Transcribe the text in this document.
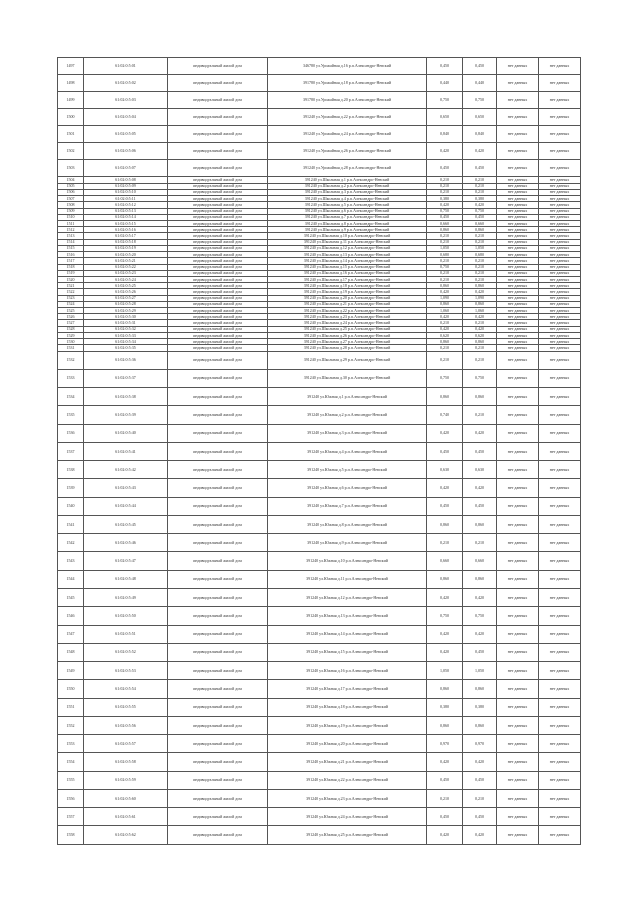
1497	61:02:0:5:01	индивидуальный жилой дом	346780 ул.Урожайная д.16 р.п.Александро-Невский	0,450	0,450	нет данных	нет данных
1498	61:02:0:5:02	индивидуальный жилой дом	391780 ул.Урожайная д.18 р.п.Александро-Невский	0,440	0,440	нет данных	нет данных
1499	61:02:0:5:03	индивидуальный жилой дом	391780 ул.Урожайная д.20 р.п.Александро-Невский	0,750	0,750	нет данных	нет данных
1500	61:02:0:5:04	индивидуальный жилой дом	391240 ул.Урожайная д.22 р.п.Александро-Невский	0,650	0,650	нет данных	нет данных
1501	61:02:0:5:05	индивидуальный жилой дом	391240 ул.Урожайная д.24 р.п.Александро-Невский	0,840	0,840	нет данных	нет данных
1502	61:02:0:5:06	индивидуальный жилой дом	391240 ул.Урожайная д.26 р.п.Александро-Невский	0,420	0,420	нет данных	нет данных
1503	61:02:0:5:07	индивидуальный жилой дом	391240 ул.Урожайная д.28 р.п.Александро-Невский	0,450	0,450	нет данных	нет данных
1504	61:02:0:5:08	индивидуальный жилой дом	391240 ул.Школьная д.1 р.п.Александро-Невский	0,210	0,210	нет данных	нет данных
1505	61:02:0:5:09	индивидуальный жилой дом	391240 ул.Школьная д.2 р.п.Александро-Невский	0,210	0,210	нет данных	нет данных
1506	61:02:0:5:10	индивидуальный жилой дом	391240 ул.Школьная д.3 р.п.Александро-Невский	0,210	0,210	нет данных	нет данных
1507	61:02:0:5:11	индивидуальный жилой дом	391240 ул.Школьная д.4 р.п.Александро-Невский	0,380	0,380	нет данных	нет данных
1508	61:02:0:5:12	индивидуальный жилой дом	391240 ул.Школьная д.5 р.п.Александро-Невский	0,420	0,420	нет данных	нет данных
1509	61:02:0:5:13	индивидуальный жилой дом	391240 ул.Школьная д.6 р.п.Александро-Невский	0,750	0,750	нет данных	нет данных
1510	61:02:0:5:14	индивидуальный жилой дом	391240 ул.Школьная д.7 р.п.Александро-Невский	0,450	0,450	нет данных	нет данных
1511	61:02:0:5:15	индивидуальный жилой дом	391240 ул.Школьная д.8 р.п.Александро-Невский	0,660	0,660	нет данных	нет данных
1512	61:02:0:5:16	индивидуальный жилой дом	391240 ул.Школьная д.9 р.п.Александро-Невский	0,860	0,860	нет данных	нет данных
1513	61:02:0:5:17	индивидуальный жилой дом	391240 ул.Школьная д.10 р.п.Александро-Невский	0,210	0,210	нет данных	нет данных
1514	61:02:0:5:18	индивидуальный жилой дом	391240 ул.Школьная д.11 р.п.Александро-Невский	0,210	0,210	нет данных	нет данных
1515	61:02:0:5:19	индивидуальный жилой дом	391240 ул.Школьная д.12 р.п.Александро-Невский	1,050	1,050	нет данных	нет данных
1516	61:02:0:5:20	индивидуальный жилой дом	391240 ул.Школьная д.13 р.п.Александро-Невский	0,680	0,680	нет данных	нет данных
1517	61:02:0:5:21	индивидуальный жилой дом	391240 ул.Школьная д.14 р.п.Александро-Невский	0,210	0,210	нет данных	нет данных
1518	61:02:0:5:22	индивидуальный жилой дом	391240 ул.Школьная д.15 р.п.Александро-Невский	0,750	0,210	нет данных	нет данных
1519	61:02:0:5:23	индивидуальный жилой дом	391240 ул.Школьная д.16 р.п.Александро-Невский	0,210	0,210	нет данных	нет данных
1520	61:02:0:5:24	индивидуальный жилой дом	391240 ул.Школьная д.17 р.п.Александро-Невский	0,210	0,210	нет данных	нет данных
1521	61:02:0:5:25	индивидуальный жилой дом	391240 ул.Школьная д.18 р.п.Александро-Невский	0,860	0,860	нет данных	нет данных
1522	61:02:0:5:26	индивидуальный жилой дом	391240 ул.Школьная д.19 р.п.Александро-Невский	0,420	0,420	нет данных	нет данных
1523	61:02:0:5:27	индивидуальный жилой дом	391240 ул.Школьная д.20 р.п.Александро-Невский	1,090	1,090	нет данных	нет данных
1524	61:02:0:5:28	индивидуальный жилой дом	391240 ул.Школьная д.21 р.п.Александро-Невский	0,860	0,860	нет данных	нет данных
1525	61:02:0:5:29	индивидуальный жилой дом	391240 ул.Школьная д.22 р.п.Александро-Невский	1,060	1,060	нет данных	нет данных
1526	61:02:0:5:30	индивидуальный жилой дом	391240 ул.Школьная д.23 р.п.Александро-Невский	0,420	0,420	нет данных	нет данных
1527	61:02:0:5:31	индивидуальный жилой дом	391240 ул.Школьная д.24 р.п.Александро-Невский	0,210	0,210	нет данных	нет данных
1528	61:02:0:5:32	индивидуальный жилой дом	391240 ул.Школьная д.25 р.п.Александро-Невский	0,420	0,420	нет данных	нет данных
1529	61:02:0:5:33	индивидуальный жилой дом	391240 ул.Школьная д.26 р.п.Александро-Невский	0,620	0,620	нет данных	нет данных
1530	61:02:0:5:34	индивидуальный жилой дом	391240 ул.Школьная д.27 р.п.Александро-Невский	0,860	0,860	нет данных	нет данных
1531	61:02:0:5:35	индивидуальный жилой дом	391240 ул.Школьная д.28 р.п.Александро-Невский	0,210	0,210	нет данных	нет данных
1532	61:02:0:5:36	индивидуальный жилой дом	391240 ул.Школьная д.29 р.п.Александро-Невский	0,210	0,210	нет данных	нет данных
1533	61:02:0:5:37	индивидуальный жилой дом	391240 ул.Школьная д.30 р.п.Александро-Невский	0,750	0,750	нет данных	нет данных
1534	61:02:0:5:38	индивидуальный жилой дом	391240 ул.Южная д.1 р.п.Александро-Невский	0,860	0,860	нет данных	нет данных
1535	61:02:0:5:39	индивидуальный жилой дом	391240 ул.Южная д.2 р.п.Александро-Невский	0,740	0,210	нет данных	нет данных
1536	61:02:0:5:40	индивидуальный жилой дом	391240 ул.Южная д.3 р.п.Александро-Невский	0,420	0,420	нет данных	нет данных
1537	61:02:0:5:41	индивидуальный жилой дом	391240 ул.Южная д.4 р.п.Александро-Невский	0,450	0,450	нет данных	нет данных
1538	61:02:0:5:42	индивидуальный жилой дом	391240 ул.Южная д.5 р.п.Александро-Невский	0,630	0,630	нет данных	нет данных
1539	61:02:0:5:43	индивидуальный жилой дом	391240 ул.Южная д.6 р.п.Александро-Невский	0,420	0,420	нет данных	нет данных
1540	61:02:0:5:44	индивидуальный жилой дом	391240 ул.Южная д.7 р.п.Александро-Невский	0,450	0,450	нет данных	нет данных
1541	61:02:0:5:45	индивидуальный жилой дом	391240 ул.Южная д.8 р.п.Александро-Невский	0,860	0,860	нет данных	нет данных
1542	61:02:0:5:46	индивидуальный жилой дом	391240 ул.Южная д.9 р.п.Александро-Невский	0,210	0,210	нет данных	нет данных
1543	61:02:0:5:47	индивидуальный жилой дом	391240 ул.Южная д.10 р.п.Александро-Невский	0,660	0,660	нет данных	нет данных
1544	61:02:0:5:48	индивидуальный жилой дом	391240 ул.Южная д.11 р.п.Александро-Невский	0,860	0,860	нет данных	нет данных
1545	61:02:0:5:49	индивидуальный жилой дом	391240 ул.Южная д.12 р.п.Александро-Невский	0,420	0,420	нет данных	нет данных
1546	61:02:0:5:50	индивидуальный жилой дом	391240 ул.Южная д.13 р.п.Александро-Невский	0,750	0,750	нет данных	нет данных
1547	61:02:0:5:51	индивидуальный жилой дом	391240 ул.Южная д.14 р.п.Александро-Невский	0,420	0,420	нет данных	нет данных
1548	61:02:0:5:52	индивидуальный жилой дом	391240 ул.Южная д.15 р.п.Александро-Невский	0,420	0,450	нет данных	нет данных
1549	61:02:0:5:53	индивидуальный жилой дом	391240 ул.Южная д.16 р.п.Александро-Невский	1,050	1,050	нет данных	нет данных
1550	61:02:0:5:54	индивидуальный жилой дом	391240 ул.Южная д.17 р.п.Александро-Невский	0,860	0,860	нет данных	нет данных
1551	61:02:0:5:55	индивидуальный жилой дом	391240 ул.Южная д.18 р.п.Александро-Невский	0,380	0,380	нет данных	нет данных
1552	61:02:0:5:56	индивидуальный жилой дом	391240 ул.Южная д.19 р.п.Александро-Невский	0,860	0,860	нет данных	нет данных
1553	61:02:0:5:57	индивидуальный жилой дом	391240 ул.Южная д.20 р.п.Александро-Невский	0,970	0,970	нет данных	нет данных
1554	61:02:0:5:58	индивидуальный жилой дом	391240 ул.Южная д.21 р.п.Александро-Невский	0,420	0,420	нет данных	нет данных
1555	61:02:0:5:59	индивидуальный жилой дом	391240 ул.Южная д.22 р.п.Александро-Невский	0,450	0,450	нет данных	нет данных
1556	61:02:0:5:60	индивидуальный жилой дом	391240 ул.Южная д.23 р.п.Александро-Невский	0,210	0,210	нет данных	нет данных
1557	61:02:0:5:61	индивидуальный жилой дом	391240 ул.Южная д.24 р.п.Александро-Невский	0,450	0,450	нет данных	нет данных
1558	61:02:0:5:62	индивидуальный жилой дом	391240 ул.Южная д.25 р.п.Александро-Невский	0,420	0,420	нет данных	нет данных
